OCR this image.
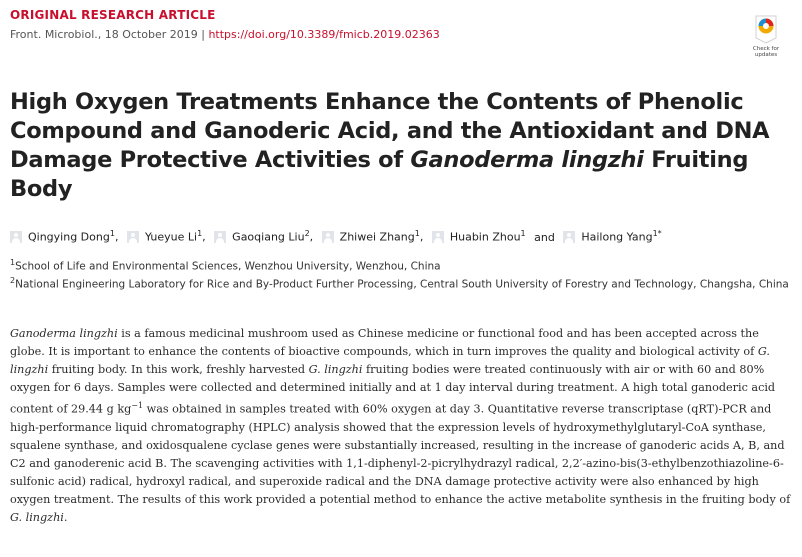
ORIGINAL RESEARCH ARTICLE
Front. Microbiol., 18 October 2019 | https://doi.org/10.3389/fmicb.2019.02363
Check for
updates
High Oxygen Treatments Enhance the Contents of Phenolic Compound and Ganoderic Acid, and the Antioxidant and DNA Damage Protective Activities of Ganoderma lingzhi Fruiting Body
Qingying Dong$^1$, Yueyue Li$^1$, Gaoqiang Liu$^2$, Zhiwei Zhang$^1$, Huabin Zhou$^1$ and Hailong Yang$^{1*}$
$^1$School of Life and Environmental Sciences, Wenzhou University, Wenzhou, China
$^2$National Engineering Laboratory for Rice and By-Product Further Processing, Central South University of Forestry and Technology, Changsha, China

Ganoderma lingzhi is a famous medicinal mushroom used as Chinese medicine or functional food and has been accepted across the globe. It is important to enhance the contents of bioactive compounds, which in turn improves the quality and biological activity of G. lingzhi fruiting body. In this work, freshly harvested G. lingzhi fruiting bodies were treated continuously with air or with 60 and 80% oxygen for 6 days. Samples were collected and determined initially and at 1 day interval during treatment. A high total ganoderic acid content of 29.44 g $kg^{-1}$ was obtained in samples treated with 60% oxygen at day 3. Quantitative reverse transcriptase (qRT)-PCR and high-performance liquid chromatography (HPLC) analysis showed that the expression levels of hydroxymethylglutaryl-CoA synthase, squalene synthase, and oxidosqualene cyclase genes were substantially increased, resulting in the increase of ganoderic acids A, B, and C2 and ganoderenic acid B. The scavenging activities with 1,1-diphenyl-2-picrylhydrazyl radical, 2,2′-azino-bis(3-ethylbenzothiazoline-6-sulfonic acid) radical, hydroxyl radical, and superoxide radical and the DNA damage protective activity were also enhanced by high oxygen treatment. The results of this work provided a potential method to enhance the active metabolite synthesis in the fruiting body of G. lingzhi.
